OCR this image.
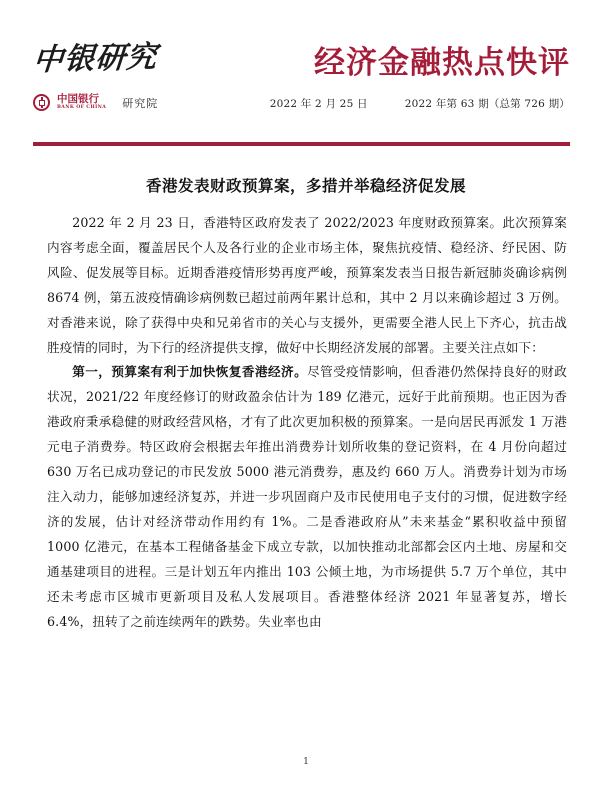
中银研究
中国银行
BANK OF CHINA 研究院
经济金融热点快评
2022 年 2 月 25 日	2022 年第 63 期（总第 726 期）
香港发表财政预算案，多措并举稳经济促发展

2022 年 2 月 23 日，香港特区政府发表了 2022/2023 年度财政预算案。此次预算案内容考虑全面，覆盖居民个人及各行业的企业市场主体，聚焦抗疫情、稳经济、纾民困、防风险、促发展等目标。近期香港疫情形势再度严峻，预算案发表当日报告新冠肺炎确诊病例 8674 例，第五波疫情确诊病例数已超过前两年累计总和，其中 2 月以来确诊超过 3 万例。对香港来说，除了获得中央和兄弟省市的关心与支援外，更需要全港人民上下齐心，抗击战胜疫情的同时，为下行的经济提供支撑，做好中长期经济发展的部署。主要关注点如下：

第一，预算案有利于加快恢复香港经济。尽管受疫情影响，但香港仍然保持良好的财政状况，2021/22 年度经修订的财政盈余估计为 189 亿港元，远好于此前预期。也正因为香港政府秉承稳健的财政经营风格，才有了此次更加积极的预算案。一是向居民再派发 1 万港元电子消费券。特区政府会根据去年推出消费券计划所收集的登记资料，在 4 月份向超过 630 万名已成功登记的市民发放 5000 港元消费券，惠及约 660 万人。消费券计划为市场注入动力，能够加速经济复苏，并进一步巩固商户及市民使用电子支付的习惯，促进数字经济的发展，估计对经济带动作用约有 1%。二是香港政府从”未来基金“累积收益中预留 1000 亿港元，在基本工程储备基金下成立专款，以加快推动北部都会区内土地、房屋和交通基建项目的进程。三是计划五年内推出 103 公倾土地，为市场提供 5.7 万个单位，其中还未考虑市区城市更新项目及私人发展项目。香港整体经济 2021 年显著复苏，增长 6.4%，扭转了之前连续两年的跌势。失业率也由

1
